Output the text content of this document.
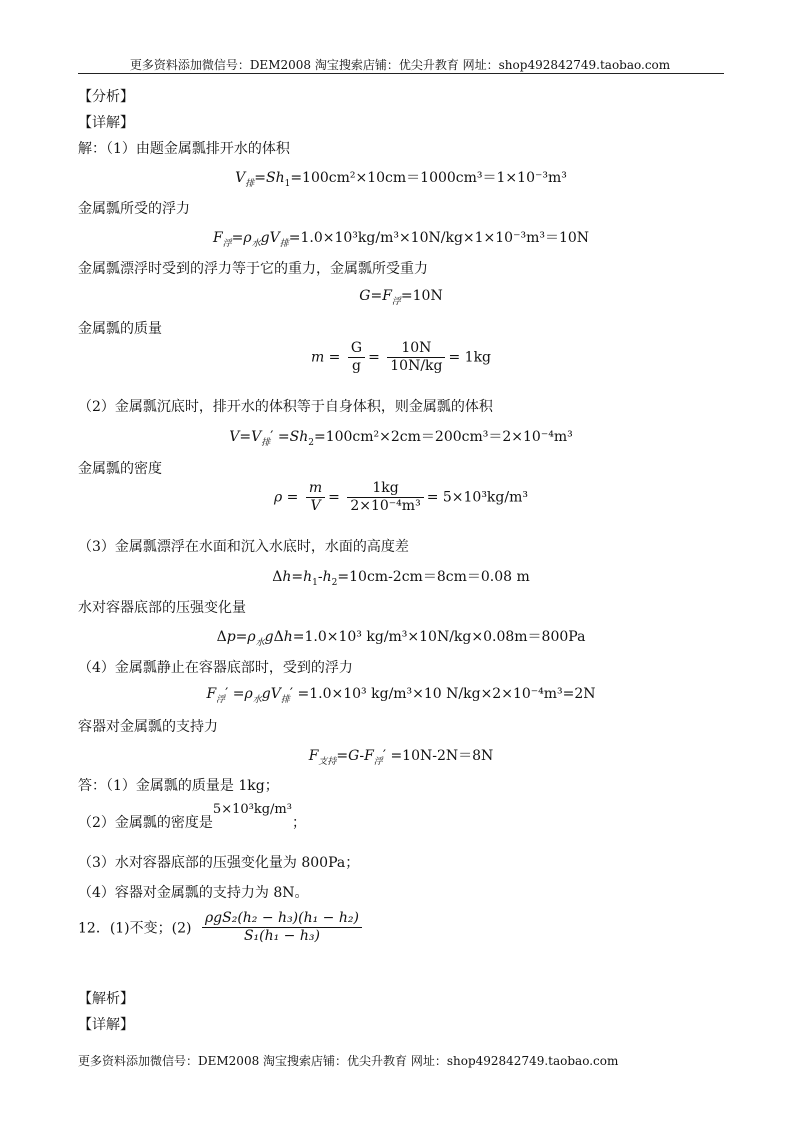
更多资料添加微信号：DEM2008 淘宝搜索店铺：优尖升教育 网址：shop492842749.taobao.com
【分析】
【详解】
解：（1）由题金属瓢排开水的体积
$V_排=Sh_1=100cm^2\times 10cm=1000cm^3=1\times 10^{-3}m^3$
金属瓢所受的浮力
$F_浮=\rho_水gV_排=1.0\times 10^3kg/m^3\times 10N/kg\times 1\times 10^{-3}m^3=10N$
金属瓢漂浮时受到的浮力等于它的重力，金属瓢所受重力
$G=F_浮=10N$
金属瓢的质量
$m = \frac{G}{g} = \frac{10N}{10N/kg} = 1kg$
（2）金属瓢沉底时，排开水的体积等于自身体积，则金属瓢的体积
$V=V_排' =Sh_2=100cm^2\times 2cm=200cm^3=2\times 10^{-4}m^3$
金属瓢的密度
$\rho = \frac{m}{V} = \frac{1kg}{\text{2×10⁻⁴m³}} = 5\times 10^3kg/m^3$
（3）金属瓢漂浮在水面和沉入水底时，水面的高度差
$\Delta h=h_1-h_2=10cm-2cm=8cm=0.08$ m
水对容器底部的压强变化量
$\Delta p=\rho_水g\Delta h=1.0\times 10^3$ kg/m³×10N/kg×0.08m＝800Pa
（4）金属瓢静止在容器底部时，受到的浮力
$F_浮' =\rho_水gV_排' =1.0\times 10^3$ kg/m³×10 N/kg×2×10⁻⁴m³=2N
容器对金属瓢的支持力
$F_{支持}=G-F_浮' =10N-2N=8N$
答：（1）金属瓢的质量是 1kg；
（2）金属瓢的密度是5×10³kg/m³；
（3）水对容器底部的压强变化量为 800Pa；
（4）容器对金属瓢的支持力为 8N。
12．(1)不变；$(2) \frac{\text{ρgS₂(h₂ − h₃)(h₁ − h₂)}}{\text{S₁(h₁ − h₃)}}$
【解析】
【详解】
更多资料添加微信号：DEM2008 淘宝搜索店铺：优尖升教育 网址：shop492842749.taobao.com
